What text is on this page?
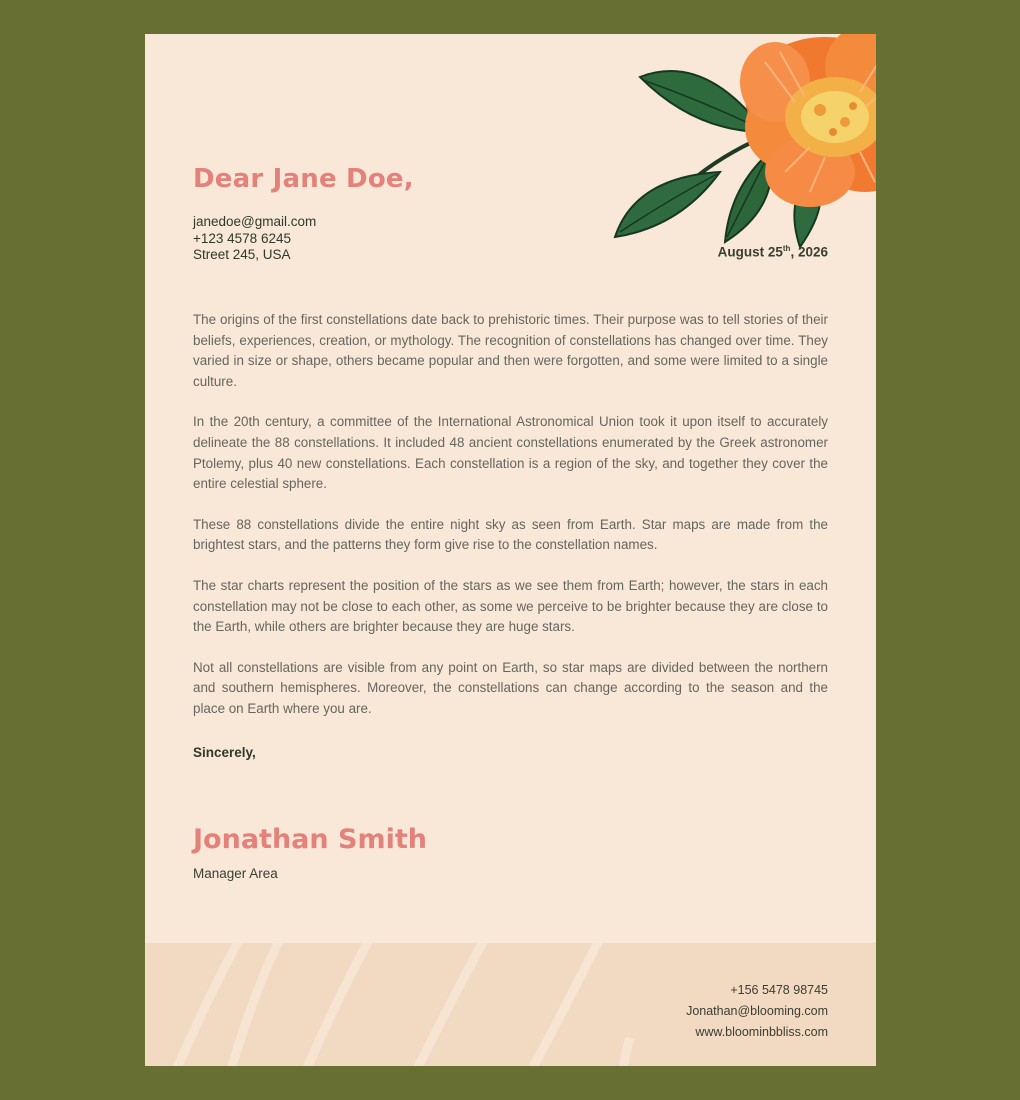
Dear Jane Doe,
janedoe@gmail.com
+123 4578 6245
Street 245, USA	August 25th, 2026

The origins of the first constellations date back to prehistoric times. Their purpose was to tell stories of their beliefs, experiences, creation, or mythology. The recognition of constellations has changed over time. They varied in size or shape, others became popular and then were forgotten, and some were limited to a single culture.

In the 20th century, a committee of the International Astronomical Union took it upon itself to accurately delineate the 88 constellations. It included 48 ancient constellations enumerated by the Greek astronomer Ptolemy, plus 40 new constellations. Each constellation is a region of the sky, and together they cover the entire celestial sphere.

These 88 constellations divide the entire night sky as seen from Earth. Star maps are made from the brightest stars, and the patterns they form give rise to the constellation names.

The star charts represent the position of the stars as we see them from Earth; however, the stars in each constellation may not be close to each other, as some we perceive to be brighter because they are close to the Earth, while others are brighter because they are huge stars.

Not all constellations are visible from any point on Earth, so star maps are divided between the northern and southern hemispheres. Moreover, the constellations can change according to the season and the place on Earth where you are.

Sincerely,
Jonathan Smith
Manager Area
+156 5478 98745
Jonathan@blooming.com
www.bloominbbliss.com
